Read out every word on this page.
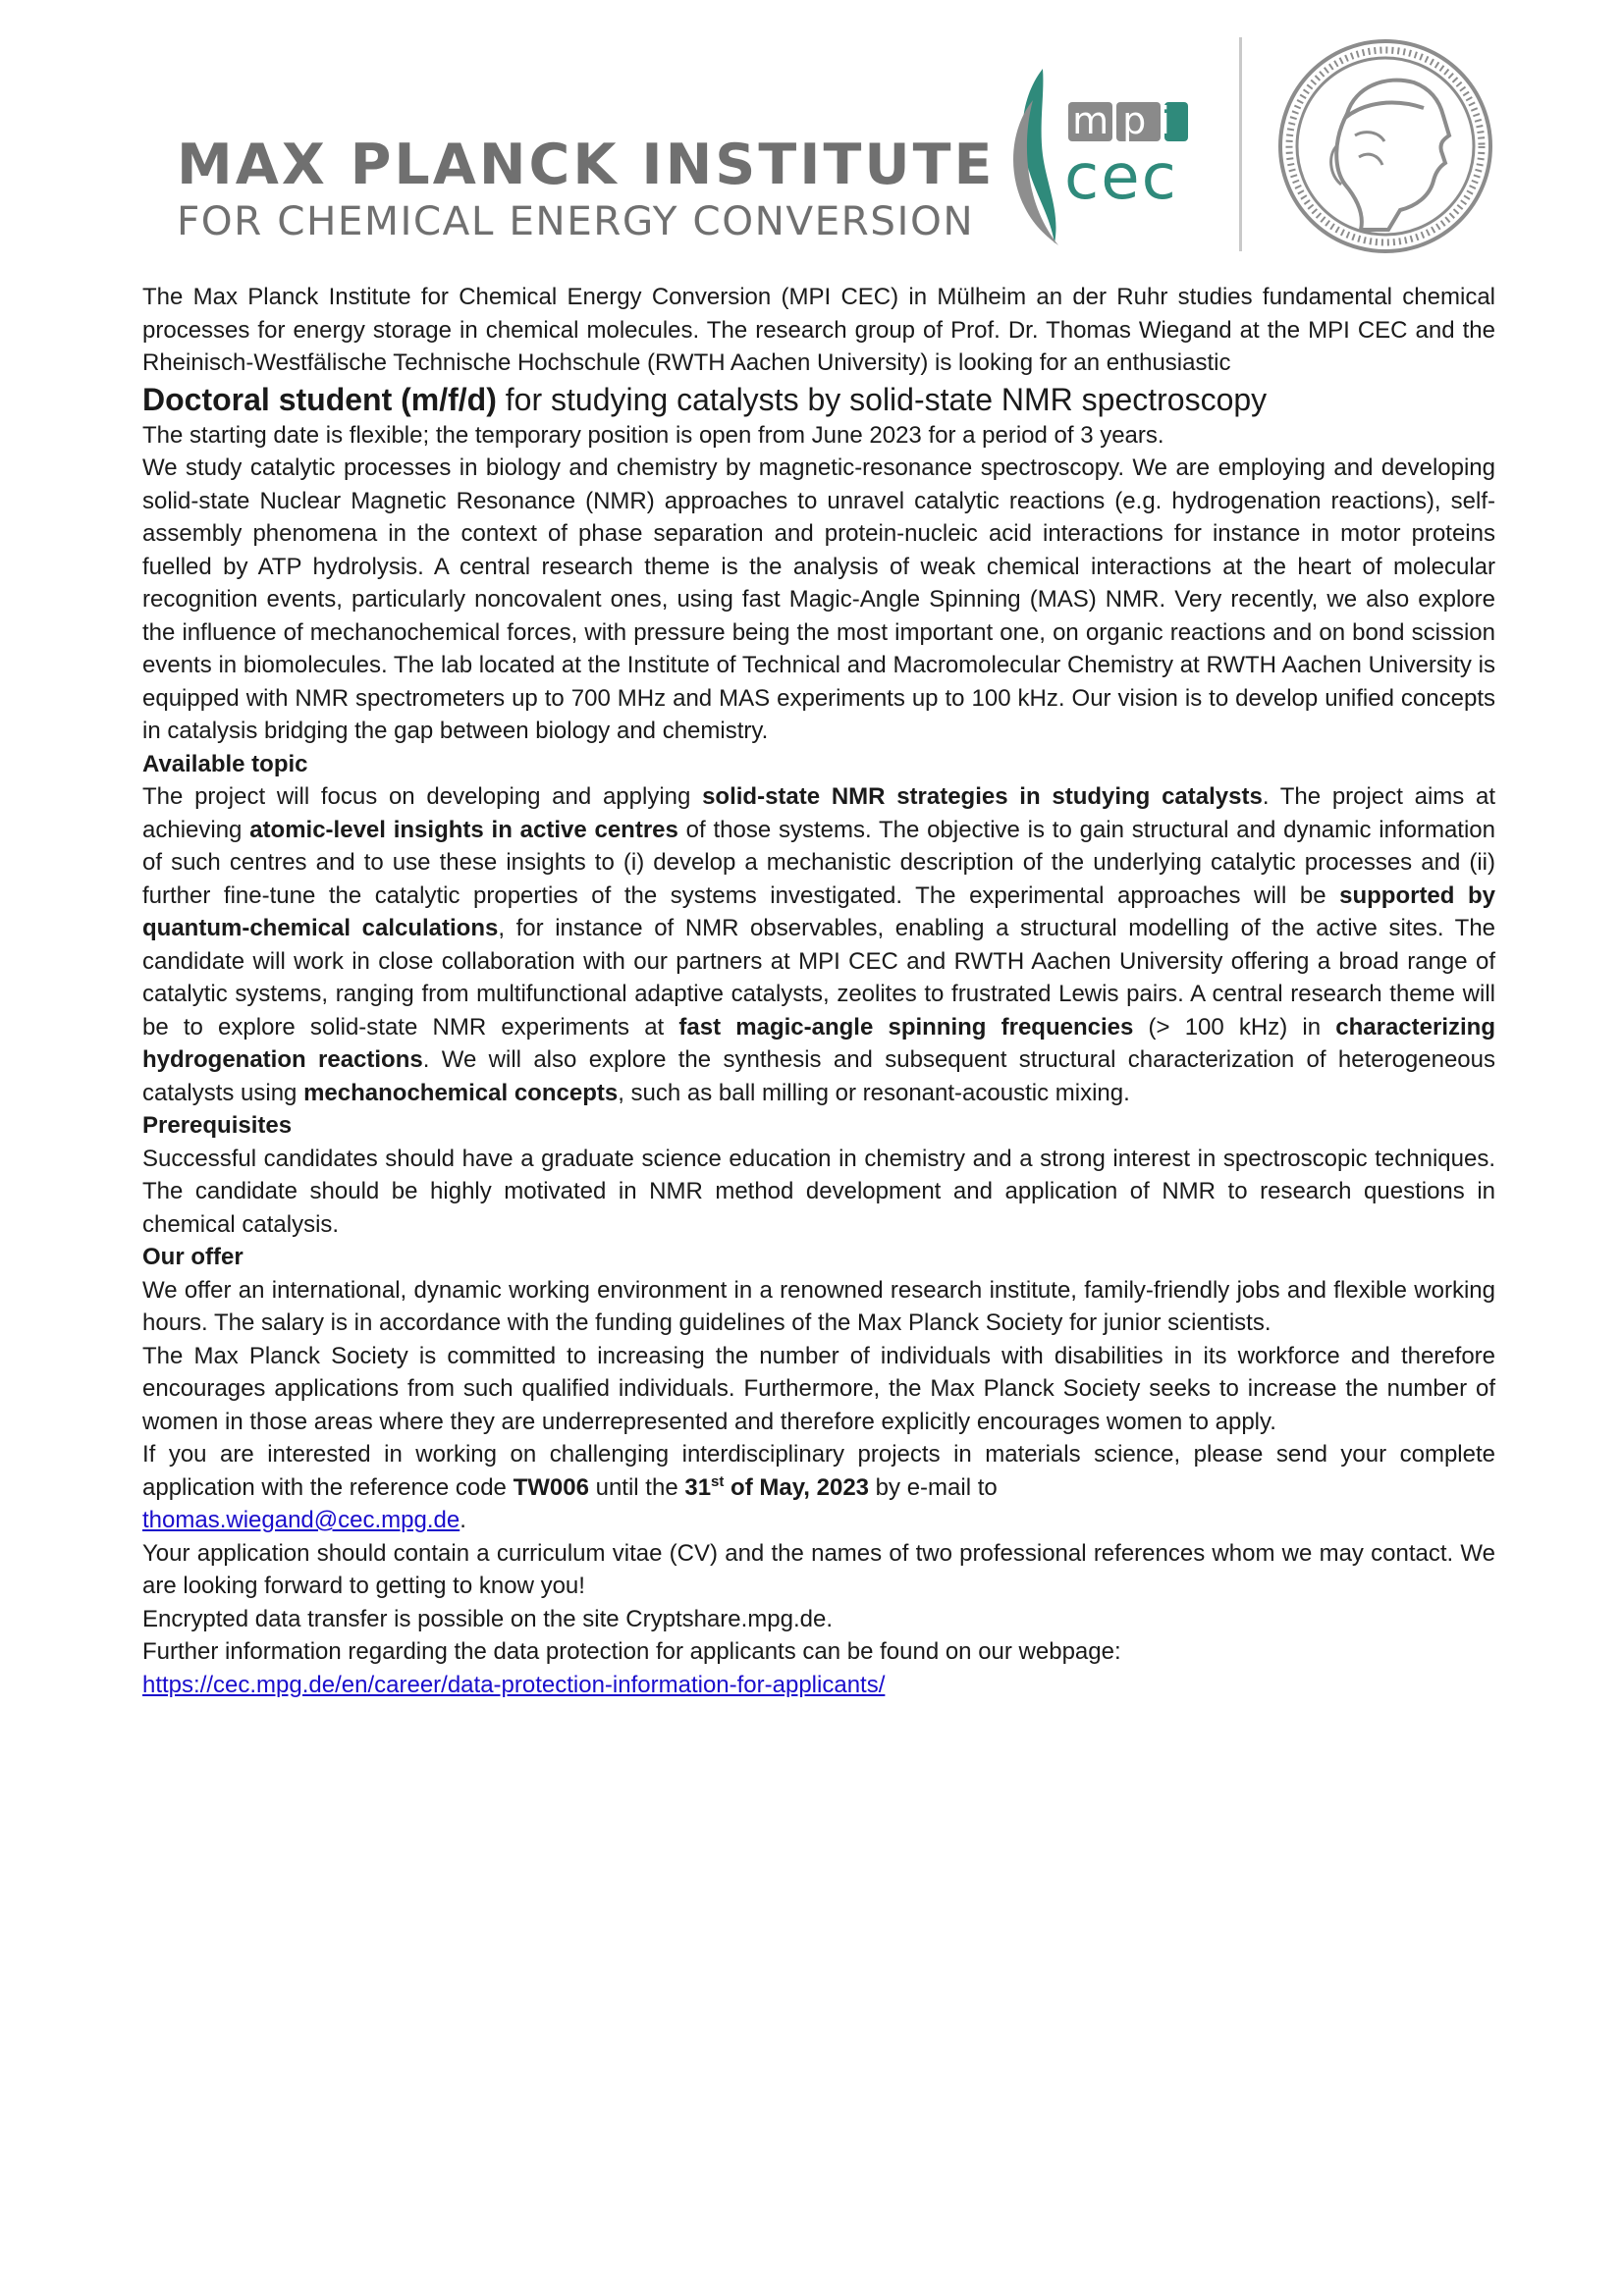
MAX PLANCK INSTITUTE
FOR CHEMICAL ENERGY CONVERSION
mpi
cec

The Max Planck Institute for Chemical Energy Conversion (MPI CEC) in Mülheim an der Ruhr studies fundamental chemical processes for energy storage in chemical molecules. The research group of Prof. Dr. Thomas Wiegand at the MPI CEC and the Rheinisch-Westfälische Technische Hochschule (RWTH Aachen University) is looking for an enthusiastic

Doctoral student (m/f/d) for studying catalysts by solid-state NMR spectroscopy

The starting date is flexible; the temporary position is open from June 2023 for a period of 3 years.

We study catalytic processes in biology and chemistry by magnetic-resonance spectroscopy. We are employing and developing solid-state Nuclear Magnetic Resonance (NMR) approaches to unravel catalytic reactions (e.g. hydrogenation reactions), self-assembly phenomena in the context of phase separation and protein-nucleic acid interactions for instance in motor proteins fuelled by ATP hydrolysis. A central research theme is the analysis of weak chemical interactions at the heart of molecular recognition events, particularly noncovalent ones, using fast Magic-Angle Spinning (MAS) NMR. Very recently, we also explore the influence of mechanochemical forces, with pressure being the most important one, on organic reactions and on bond scission events in biomolecules. The lab located at the Institute of Technical and Macromolecular Chemistry at RWTH Aachen University is equipped with NMR spectrometers up to 700 MHz and MAS experiments up to 100 kHz. Our vision is to develop unified concepts in catalysis bridging the gap between biology and chemistry.

Available topic

The project will focus on developing and applying solid-state NMR strategies in studying catalysts. The project aims at achieving atomic-level insights in active centres of those systems. The objective is to gain structural and dynamic information of such centres and to use these insights to (i) develop a mechanistic description of the underlying catalytic processes and (ii) further fine-tune the catalytic properties of the systems investigated. The experimental approaches will be supported by quantum-chemical calculations, for instance of NMR observables, enabling a structural modelling of the active sites. The candidate will work in close collaboration with our partners at MPI CEC and RWTH Aachen University offering a broad range of catalytic systems, ranging from multifunctional adaptive catalysts, zeolites to frustrated Lewis pairs. A central research theme will be to explore solid-state NMR experiments at fast magic-angle spinning frequencies (> 100 kHz) in characterizing hydrogenation reactions. We will also explore the synthesis and subsequent structural characterization of heterogeneous catalysts using mechanochemical concepts, such as ball milling or resonant-acoustic mixing.

Prerequisites

Successful candidates should have a graduate science education in chemistry and a strong interest in spectroscopic techniques. The candidate should be highly motivated in NMR method development and application of NMR to research questions in chemical catalysis.

Our offer

We offer an international, dynamic working environment in a renowned research institute, family-friendly jobs and flexible working hours. The salary is in accordance with the funding guidelines of the Max Planck Society for junior scientists.

The Max Planck Society is committed to increasing the number of individuals with disabilities in its workforce and therefore encourages applications from such qualified individuals. Furthermore, the Max Planck Society seeks to increase the number of women in those areas where they are underrepresented and therefore explicitly encourages women to apply.

If you are interested in working on challenging interdisciplinary projects in materials science, please send your complete application with the reference code TW006 until the 31st of May, 2023 by e-mail to

thomas.wiegand@cec.mpg.de.

Your application should contain a curriculum vitae (CV) and the names of two professional references whom we may contact. We are looking forward to getting to know you!

Encrypted data transfer is possible on the site Cryptshare.mpg.de.

Further information regarding the data protection for applicants can be found on our webpage:

https://cec.mpg.de/en/career/data-protection-information-for-applicants/
